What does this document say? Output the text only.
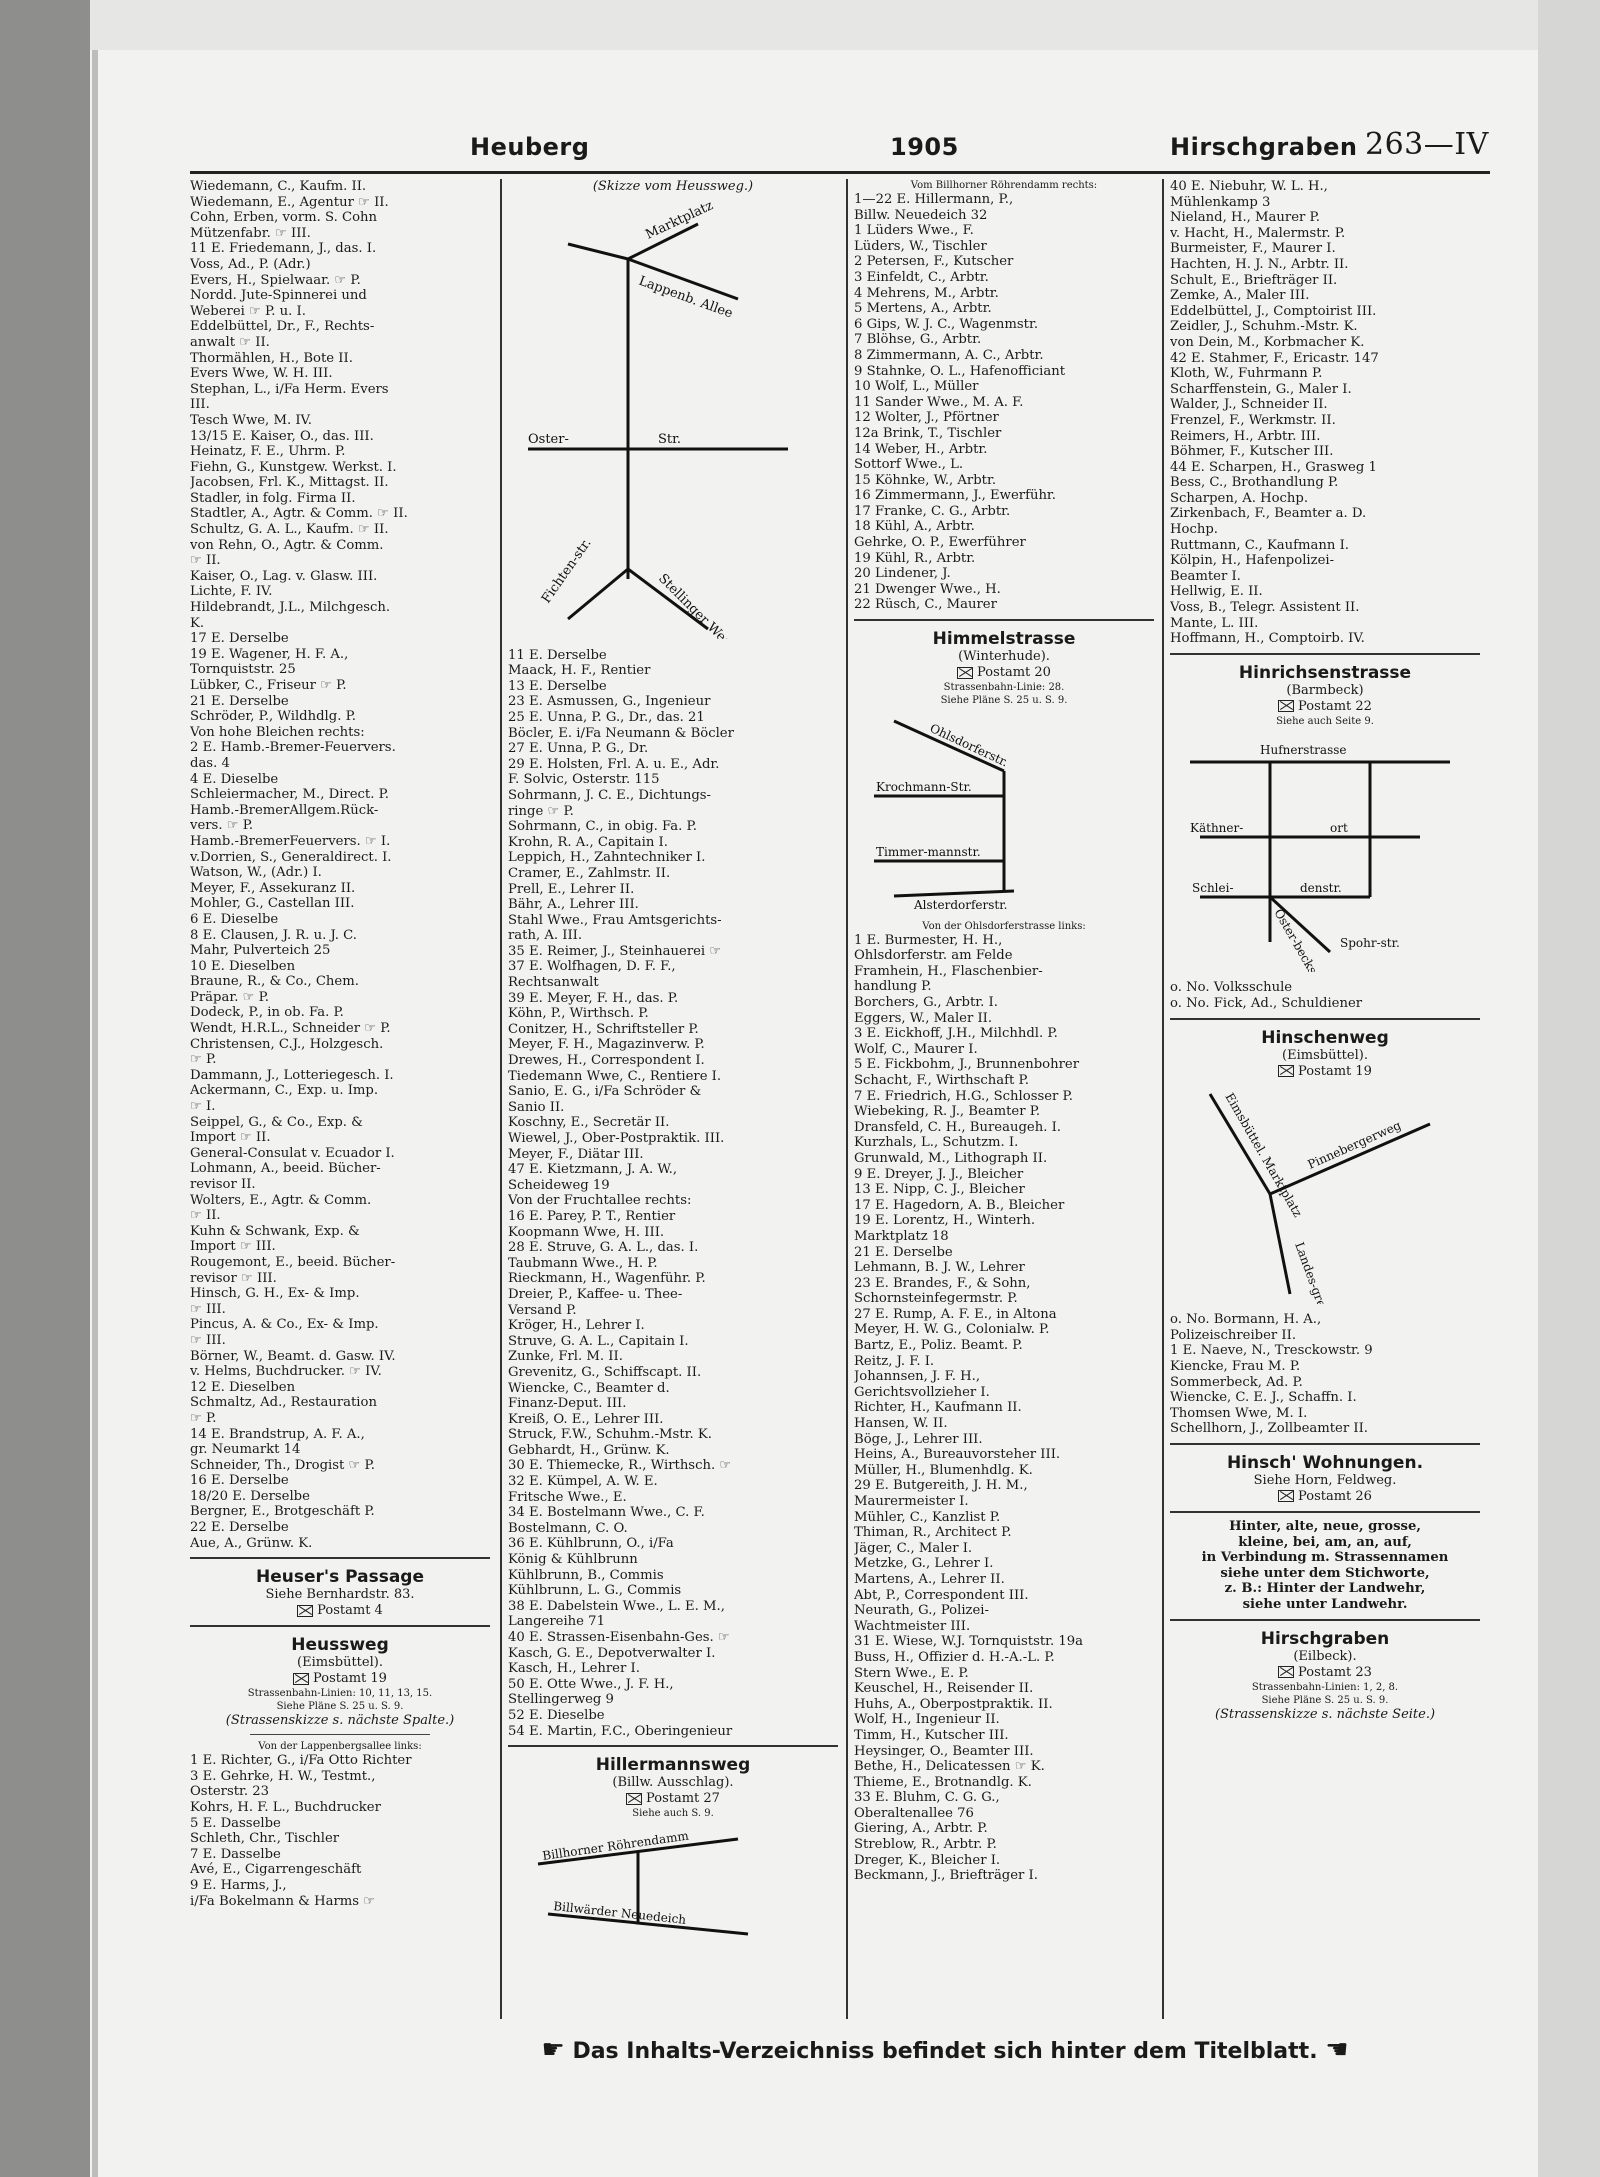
Heuberg	1905	Hirschgraben 263—IV
Wiedemann, C., Kaufm. II.
Wiedemann, E., Agentur ☞ II.
Cohn, Erben, vorm. S. Cohn
Mützenfabr. ☞ III.
11 E. Friedemann, J., das. I.
Voss, Ad., P. (Adr.)
Evers, H., Spielwaar. ☞ P.
Nordd. Jute-Spinnerei und
Weberei ☞ P. u. I.
Eddelbüttel, Dr., F., Rechts-
anwalt ☞ II.
Thormählen, H., Bote II.
Evers Wwe, W. H. III.
Stephan, L., i/Fa Herm. Evers
III.
Tesch Wwe, M. IV.
13/15 E. Kaiser, O., das. III.
Heinatz, F. E., Uhrm. P.
Fiehn, G., Kunstgew. Werkst. I.
Jacobsen, Frl. K., Mittagst. II.
Stadler, in folg. Firma II.
Stadtler, A., Agtr. & Comm. ☞ II.
Schultz, G. A. L., Kaufm. ☞ II.
von Rehn, O., Agtr. & Comm.
☞ II.
Kaiser, O., Lag. v. Glasw. III.
Lichte, F. IV.
Hildebrandt, J.L., Milchgesch.
K.
17 E. Derselbe
19 E. Wagener, H. F. A.,
Tornquiststr. 25
Lübker, C., Friseur ☞ P.
21 E. Derselbe
Schröder, P., Wildhdlg. P.
Von hohe Bleichen rechts:
2 E. Hamb.-Bremer-Feuervers.
das. 4
4 E. Dieselbe
Schleiermacher, M., Direct. P.
Hamb.-BremerAllgem.Rück-
vers. ☞ P.
Hamb.-BremerFeuervers. ☞ I.
v.Dorrien, S., Generaldirect. I.
Watson, W., (Adr.) I.
Meyer, F., Assekuranz II.
Mohler, G., Castellan III.
6 E. Dieselbe
8 E. Clausen, J. R. u. J. C.
Mahr, Pulverteich 25
10 E. Dieselben
Braune, R., & Co., Chem.
Präpar. ☞ P.
Dodeck, P., in ob. Fa. P.
Wendt, H.R.L., Schneider ☞ P.
Christensen, C.J., Holzgesch.
☞ P.
Dammann, J., Lotteriegesch. I.
Ackermann, C., Exp. u. Imp.
☞ I.
Seippel, G., & Co., Exp. &
Import ☞ II.
General-Consulat v. Ecuador I.
Lohmann, A., beeid. Bücher-
revisor II.
Wolters, E., Agtr. & Comm.
☞ II.
Kuhn & Schwank, Exp. &
Import ☞ III.
Rougemont, E., beeid. Bücher-
revisor ☞ III.
Hinsch, G. H., Ex- & Imp.
☞ III.
Pincus, A. & Co., Ex- & Imp.
☞ III.
Börner, W., Beamt. d. Gasw. IV.
v. Helms, Buchdrucker. ☞ IV.
12 E. Dieselben
Schmaltz, Ad., Restauration
☞ P.
14 E. Brandstrup, A. F. A.,
gr. Neumarkt 14
Schneider, Th., Drogist ☞ P.
16 E. Derselbe
18/20 E. Derselbe
Bergner, E., Brotgeschäft P.
22 E. Derselbe
Aue, A., Grünw. K.
Heuser's Passage
Siehe Bernhardstr. 83.
Postamt 4
Heussweg
(Eimsbüttel).
Postamt 19
Strassenbahn-Linien: 10, 11, 13, 15.
Siehe Pläne S. 25 u. S. 9.
(Strassenskizze s. nächste Spalte.)
Von der Lappenbergsallee links:
1 E. Richter, G., i/Fa Otto Richter
3 E. Gehrke, H. W., Testmt.,
Osterstr. 23
Kohrs, H. F. L., Buchdrucker
5 E. Dasselbe
Schleth, Chr., Tischler
7 E. Dasselbe
Avé, E., Cigarrengeschäft
9 E. Harms, J.,
i/Fa Bokelmann & Harms ☞
(Skizze vom Heussweg.)
Marktplatz
Lappenb. Allee
Oster-	Str.
Fichten-str.
Stellinger Weg
11 E. Derselbe
Maack, H. F., Rentier
13 E. Derselbe
23 E. Asmussen, G., Ingenieur
25 E. Unna, P. G., Dr., das. 21
Böcler, E. i/Fa Neumann & Böcler
27 E. Unna, P. G., Dr.
29 E. Holsten, Frl. A. u. E., Adr.
F. Solvic, Osterstr. 115
Sohrmann, J. C. E., Dichtungs-
ringe ☞ P.
Sohrmann, C., in obig. Fa. P.
Krohn, R. A., Capitain I.
Leppich, H., Zahntechniker I.
Cramer, E., Zahlmstr. II.
Prell, E., Lehrer II.
Bähr, A., Lehrer III.
Stahl Wwe., Frau Amtsgerichts-
rath, A. III.
35 E. Reimer, J., Steinhauerei ☞
37 E. Wolfhagen, D. F. F.,
Rechtsanwalt
39 E. Meyer, F. H., das. P.
Köhn, P., Wirthsch. P.
Conitzer, H., Schriftsteller P.
Meyer, F. H., Magazinverw. P.
Drewes, H., Correspondent I.
Tiedemann Wwe, C., Rentiere I.
Sanio, E. G., i/Fa Schröder &
Sanio II.
Koschny, E., Secretär II.
Wiewel, J., Ober-Postpraktik. III.
Meyer, F., Diätar III.
47 E. Kietzmann, J. A. W.,
Scheideweg 19
Von der Fruchtallee rechts:
16 E. Parey, P. T., Rentier
Koopmann Wwe, H. III.
28 E. Struve, G. A. L., das. I.
Taubmann Wwe., H. P.
Rieckmann, H., Wagenführ. P.
Dreier, P., Kaffee- u. Thee-
Versand P.
Kröger, H., Lehrer I.
Struve, G. A. L., Capitain I.
Zunke, Frl. M. II.
Grevenitz, G., Schiffscapt. II.
Wiencke, C., Beamter d.
Finanz-Deput. III.
Kreiß, O. E., Lehrer III.
Struck, F.W., Schuhm.-Mstr. K.
Gebhardt, H., Grünw. K.
30 E. Thiemecke, R., Wirthsch. ☞
32 E. Kümpel, A. W. E.
Fritsche Wwe., E.
34 E. Bostelmann Wwe., C. F.
Bostelmann, C. O.
36 E. Kühlbrunn, O., i/Fa
König & Kühlbrunn
Kühlbrunn, B., Commis
Kühlbrunn, L. G., Commis
38 E. Dabelstein Wwe., L. E. M.,
Langereihe 71
40 E. Strassen-Eisenbahn-Ges. ☞
Kasch, G. E., Depotverwalter I.
Kasch, H., Lehrer I.
50 E. Otte Wwe., J. F. H.,
Stellingerweg 9
52 E. Dieselbe
54 E. Martin, F.C., Oberingenieur
Hillermannsweg
(Billw. Ausschlag).
Postamt 27
Siehe auch S. 9.
Billhorner Röhrendamm
Billwärder Neuedeich
Vom Billhorner Röhrendamm rechts:
1—22 E. Hillermann, P.,
Billw. Neuedeich 32
1 Lüders Wwe., F.
Lüders, W., Tischler
2 Petersen, F., Kutscher
3 Einfeldt, C., Arbtr.
4 Mehrens, M., Arbtr.
5 Mertens, A., Arbtr.
6 Gips, W. J. C., Wagenmstr.
7 Blöhse, G., Arbtr.
8 Zimmermann, A. C., Arbtr.
9 Stahnke, O. L., Hafenofficiant
10 Wolf, L., Müller
11 Sander Wwe., M. A. F.
12 Wolter, J., Pförtner
12a Brink, T., Tischler
14 Weber, H., Arbtr.
Sottorf Wwe., L.
15 Köhnke, W., Arbtr.
16 Zimmermann, J., Ewerführ.
17 Franke, C. G., Arbtr.
18 Kühl, A., Arbtr.
Gehrke, O. P., Ewerführer
19 Kühl, R., Arbtr.
20 Lindener, J.
21 Dwenger Wwe., H.
22 Rüsch, C., Maurer
Himmelstrasse
(Winterhude).
Postamt 20
Strassenbahn-Linie: 28.
Siehe Pläne S. 25 u. S. 9.
Ohlsdorferstr.
Krochmann-Str.
Timmer-mannstr.
Alsterdorferstr.
Von der Ohlsdorferstrasse links:
1 E. Burmester, H. H.,
Ohlsdorferstr. am Felde
Framhein, H., Flaschenbier-
handlung P.
Borchers, G., Arbtr. I.
Eggers, W., Maler II.
3 E. Eickhoff, J.H., Milchhdl. P.
Wolf, C., Maurer I.
5 E. Fickbohm, J., Brunnenbohrer
Schacht, F., Wirthschaft P.
7 E. Friedrich, H.G., Schlosser P.
Wiebeking, R. J., Beamter P.
Dransfeld, C. H., Bureaugeh. I.
Kurzhals, L., Schutzm. I.
Grunwald, M., Lithograph II.
9 E. Dreyer, J. J., Bleicher
13 E. Nipp, C. J., Bleicher
17 E. Hagedorn, A. B., Bleicher
19 E. Lorentz, H., Winterh.
Marktplatz 18
21 E. Derselbe
Lehmann, B. J. W., Lehrer
23 E. Brandes, F., & Sohn,
Schornsteinfegermstr. P.
27 E. Rump, A. F. E., in Altona
Meyer, H. W. G., Colonialw. P.
Bartz, E., Poliz. Beamt. P.
Reitz, J. F. I.
Johannsen, J. F. H.,
Gerichtsvollzieher I.
Richter, H., Kaufmann II.
Hansen, W. II.
Böge, J., Lehrer III.
Heins, A., Bureauvorsteher III.
Müller, H., Blumenhdlg. K.
29 E. Butgereith, J. H. M.,
Maurermeister I.
Mühler, C., Kanzlist P.
Thiman, R., Architect P.
Jäger, C., Maler I.
Metzke, G., Lehrer I.
Martens, A., Lehrer II.
Abt, P., Correspondent III.
Neurath, G., Polizei-
Wachtmeister III.
31 E. Wiese, W.J. Tornquiststr. 19a
Buss, H., Offizier d. H.-A.-L. P.
Stern Wwe., E. P.
Keuschel, H., Reisender II.
Huhs, A., Oberpostpraktik. II.
Wolf, H., Ingenieur II.
Timm, H., Kutscher III.
Heysinger, O., Beamter III.
Bethe, H., Delicatessen ☞ K.
Thieme, E., Brotnandlg. K.
33 E. Bluhm, C. G. G.,
Oberaltenallee 76
Giering, A., Arbtr. P.
Streblow, R., Arbtr. P.
Dreger, K., Bleicher I.
Beckmann, J., Briefträger I.
40 E. Niebuhr, W. L. H.,
Mühlenkamp 3
Nieland, H., Maurer P.
v. Hacht, H., Malermstr. P.
Burmeister, F., Maurer I.
Hachten, H. J. N., Arbtr. II.
Schult, E., Briefträger II.
Zemke, A., Maler III.
Eddelbüttel, J., Comptoirist III.
Zeidler, J., Schuhm.-Mstr. K.
von Dein, M., Korbmacher K.
42 E. Stahmer, F., Ericastr. 147
Kloth, W., Fuhrmann P.
Scharffenstein, G., Maler I.
Walder, J., Schneider II.
Frenzel, F., Werkmstr. II.
Reimers, H., Arbtr. III.
Böhmer, F., Kutscher III.
44 E. Scharpen, H., Grasweg 1
Bess, C., Brothandlung P.
Scharpen, A. Hochp.
Zirkenbach, F., Beamter a. D.
Hochp.
Ruttmann, C., Kaufmann I.
Kölpin, H., Hafenpolizei-
Beamter I.
Hellwig, E. II.
Voss, B., Telegr. Assistent II.
Mante, L. III.
Hoffmann, H., Comptoirb. IV.
Hinrichsenstrasse
(Barmbeck)
Postamt 22
Siehe auch Seite 9.
Hufnerstrasse
Käthner-	ort
Schlei-	denstr.
Oster-beckstr. Spohr-str.
o. No. Volksschule
o. No. Fick, Ad., Schuldiener
Hinschenweg
(Eimsbüttel).
Postamt 19
Eimsbüttel. Marktplatz Pinnebergerweg
Landes-grenze
o. No. Bormann, H. A.,
Polizeischreiber II.
1 E. Naeve, N., Tresckowstr. 9
Kiencke, Frau M. P.
Sommerbeck, Ad. P.
Wiencke, C. E. J., Schaffn. I.
Thomsen Wwe, M. I.
Schellhorn, J., Zollbeamter II.
Hinsch' Wohnungen.
Siehe Horn, Feldweg.
Postamt 26
Hinter, alte, neue, grosse,
kleine, bei, am, an, auf,
in Verbindung m. Strassennamen
siehe unter dem Stichworte,
z. B.: Hinter der Landwehr,
siehe unter Landwehr.
Hirschgraben
(Eilbeck).
Postamt 23
Strassenbahn-Linien: 1, 2, 8.
Siehe Pläne S. 25 u. S. 9.
(Strassenskizze s. nächste Seite.)
☛ Das Inhalts-Verzeichniss befindet sich hinter dem Titelblatt. ☚
